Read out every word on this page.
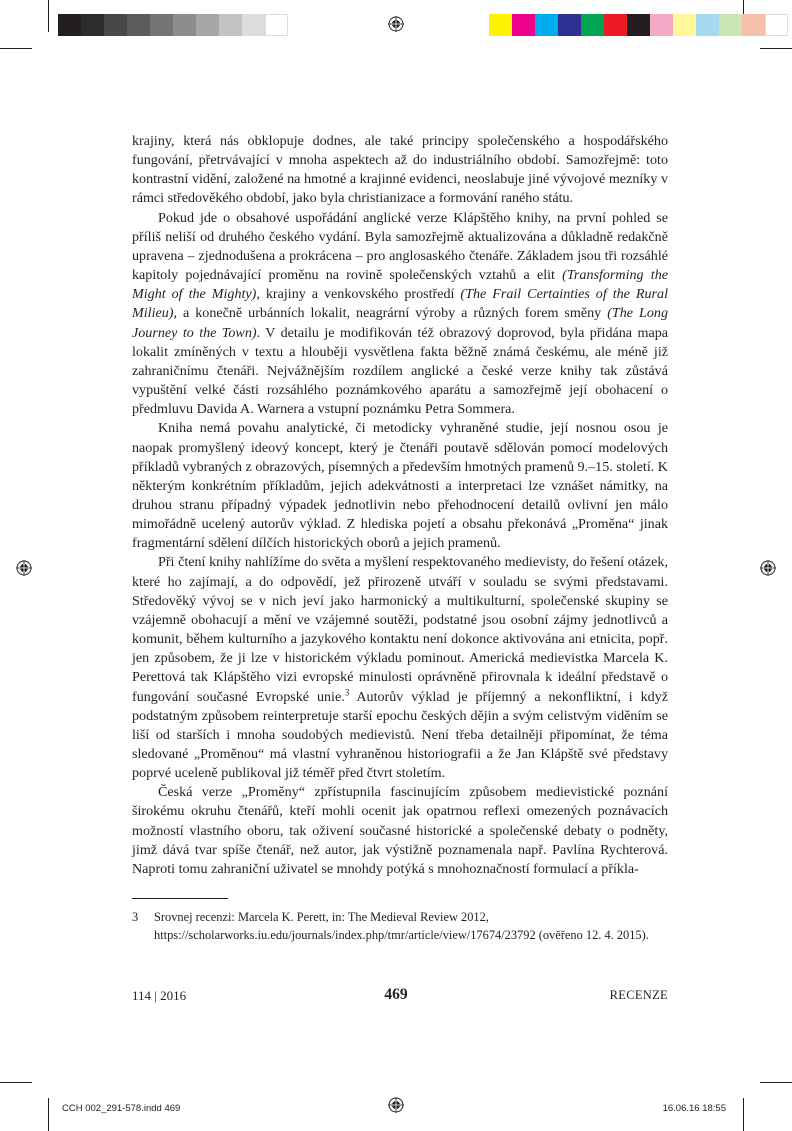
krajiny, která nás obklopuje dodnes, ale také principy společenského a hospodářského fungování, přetrvávající v mnoha aspektech až do industriálního období. Samozřejmě: toto kontrastní vidění, založené na hmotné a krajinné evidenci, neoslabuje jiné vývojové mezníky v rámci středověkého období, jako byla christianizace a formování raného státu.

Pokud jde o obsahové uspořádání anglické verze Klápštěho knihy, na první pohled se příliš neliší od druhého českého vydání. Byla samozřejmě aktualizována a důkladně redakčně upravena – zjednodušena a prokrácena – pro anglosaského čtenáře. Základem jsou tři rozsáhlé kapitoly pojednávající proměnu na rovině společenských vztahů a elit (Transforming the Might of the Mighty), krajiny a venkovského prostředí (The Frail Certainties of the Rural Milieu), a konečně urbánních lokalit, neagrární výroby a různých forem směny (The Long Journey to the Town). V detailu je modifikován též obrazový doprovod, byla přidána mapa lokalit zmíněných v textu a hlouběji vysvětlena fakta běžně známá českému, ale méně již zahraničnímu čtenáři. Nejvážnějším rozdílem anglické a české verze knihy tak zůstává vypuštění velké části rozsáhlého poznámkového aparátu a samozřejmě její obohacení o předmluvu Davida A. Warnera a vstupní poznámku Petra Sommera.

Kniha nemá povahu analytické, či metodicky vyhraněné studie, její nosnou osou je naopak promyšlený ideový koncept, který je čtenáři poutavě sdělován pomocí modelových příkladů vybraných z obrazových, písemných a především hmotných pramenů 9.–15. století. K některým konkrétním příkladům, jejich adekvátnosti a interpretaci lze vznášet námitky, na druhou stranu případný výpadek jednotlivin nebo přehodnocení detailů ovlivní jen málo mimořádně ucelený autorův výklad. Z hlediska pojetí a obsahu překonává „Proměna“ jinak fragmentární sdělení dílčích historických oborů a jejich pramenů.

Při čtení knihy nahlížíme do světa a myšlení respektovaného medievisty, do řešení otázek, které ho zajímají, a do odpovědí, jež přirozeně utváří v souladu se svými představami. Středověký vývoj se v nich jeví jako harmonický a multikulturní, společenské skupiny se vzájemně obohacují a mění ve vzájemné soutěži, podstatné jsou osobní zájmy jednotlivců a komunit, během kulturního a jazykového kontaktu není dokonce aktivována ani etnicita, popř. jen způsobem, že ji lze v historickém výkladu pominout. Americká medievistka Marcela K. Perettová tak Klápštěho vizi evropské minulosti oprávněně přirovnala k ideální představě o fungování současné Evropské unie.$^3$ Autorův výklad je příjemný a nekonfliktní, i když podstatným způsobem reinterpretuje starší epochu českých dějin a svým celistvým viděním se liší od starších i mnoha soudobých medievistů. Není třeba detailněji připomínat, že téma sledované „Proměnou“ má vlastní vyhraněnou historiografii a že Jan Klápště své představy poprvé uceleně publikoval již téměř před čtvrt stoletím.

Česká verze „Proměny“ zpřístupnila fascinujícím způsobem medievistické poznání širokému okruhu čtenářů, kteří mohli ocenit jak opatrnou reflexi omezených poznávacích možností vlastního oboru, tak oživení současné historické a společenské debaty o podněty, jimž dává tvar spíše čtenář, než autor, jak výstižně poznamenala např. Pavlína Rychterová. Naproti tomu zahraniční uživatel se mnohdy potýká s mnohoznačností formulací a příkla-

3	Srovnej recenzi: Marcela K. Perett, in: The Medieval Review 2012, https://scholarworks.iu.edu/journals/index.php/tmr/article/view/17674/23792 (ověřeno 12. 4. 2015).
114 | 2016	469	RECENZE
CCH 002_291-578.indd 469	16.06.16 18:55
